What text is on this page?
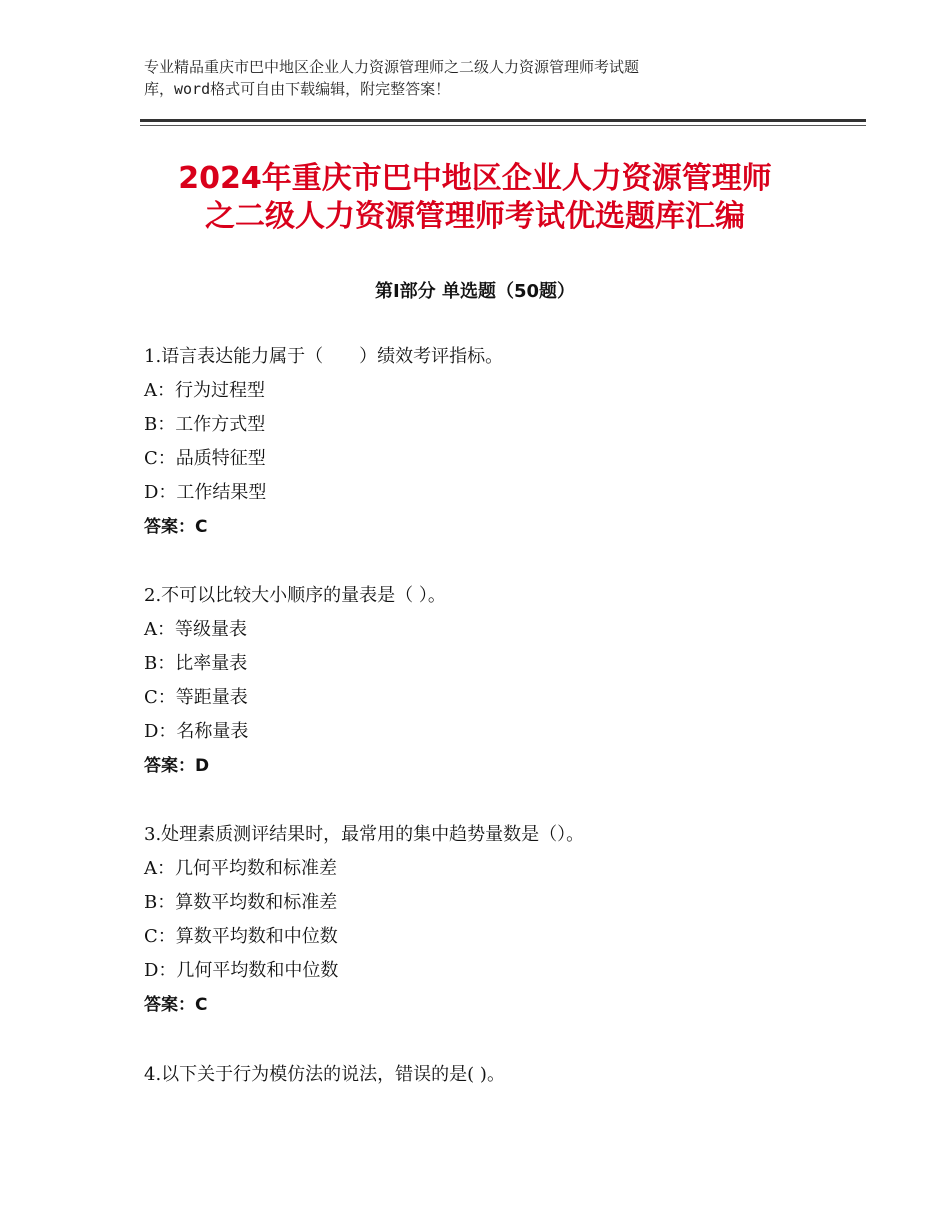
专业精品重庆市巴中地区企业人力资源管理师之二级人力资源管理师考试题
库，word格式可自由下载编辑，附完整答案！
2024年重庆市巴中地区企业人力资源管理师
之二级人力资源管理师考试优选题库汇编
第Ⅰ部分 单选题（50题）
1.语言表达能力属于（　　）绩效考评指标。
A：行为过程型
B：工作方式型
C：品质特征型
D：工作结果型
答案：C
2.不可以比较大小顺序的量表是（ ）。
A：等级量表
B：比率量表
C：等距量表
D：名称量表
答案：D
3.处理素质测评结果时，最常用的集中趋势量数是（）。
A：几何平均数和标准差
B：算数平均数和标准差
C：算数平均数和中位数
D：几何平均数和中位数
答案：C
4.以下关于行为模仿法的说法，错误的是( )。
